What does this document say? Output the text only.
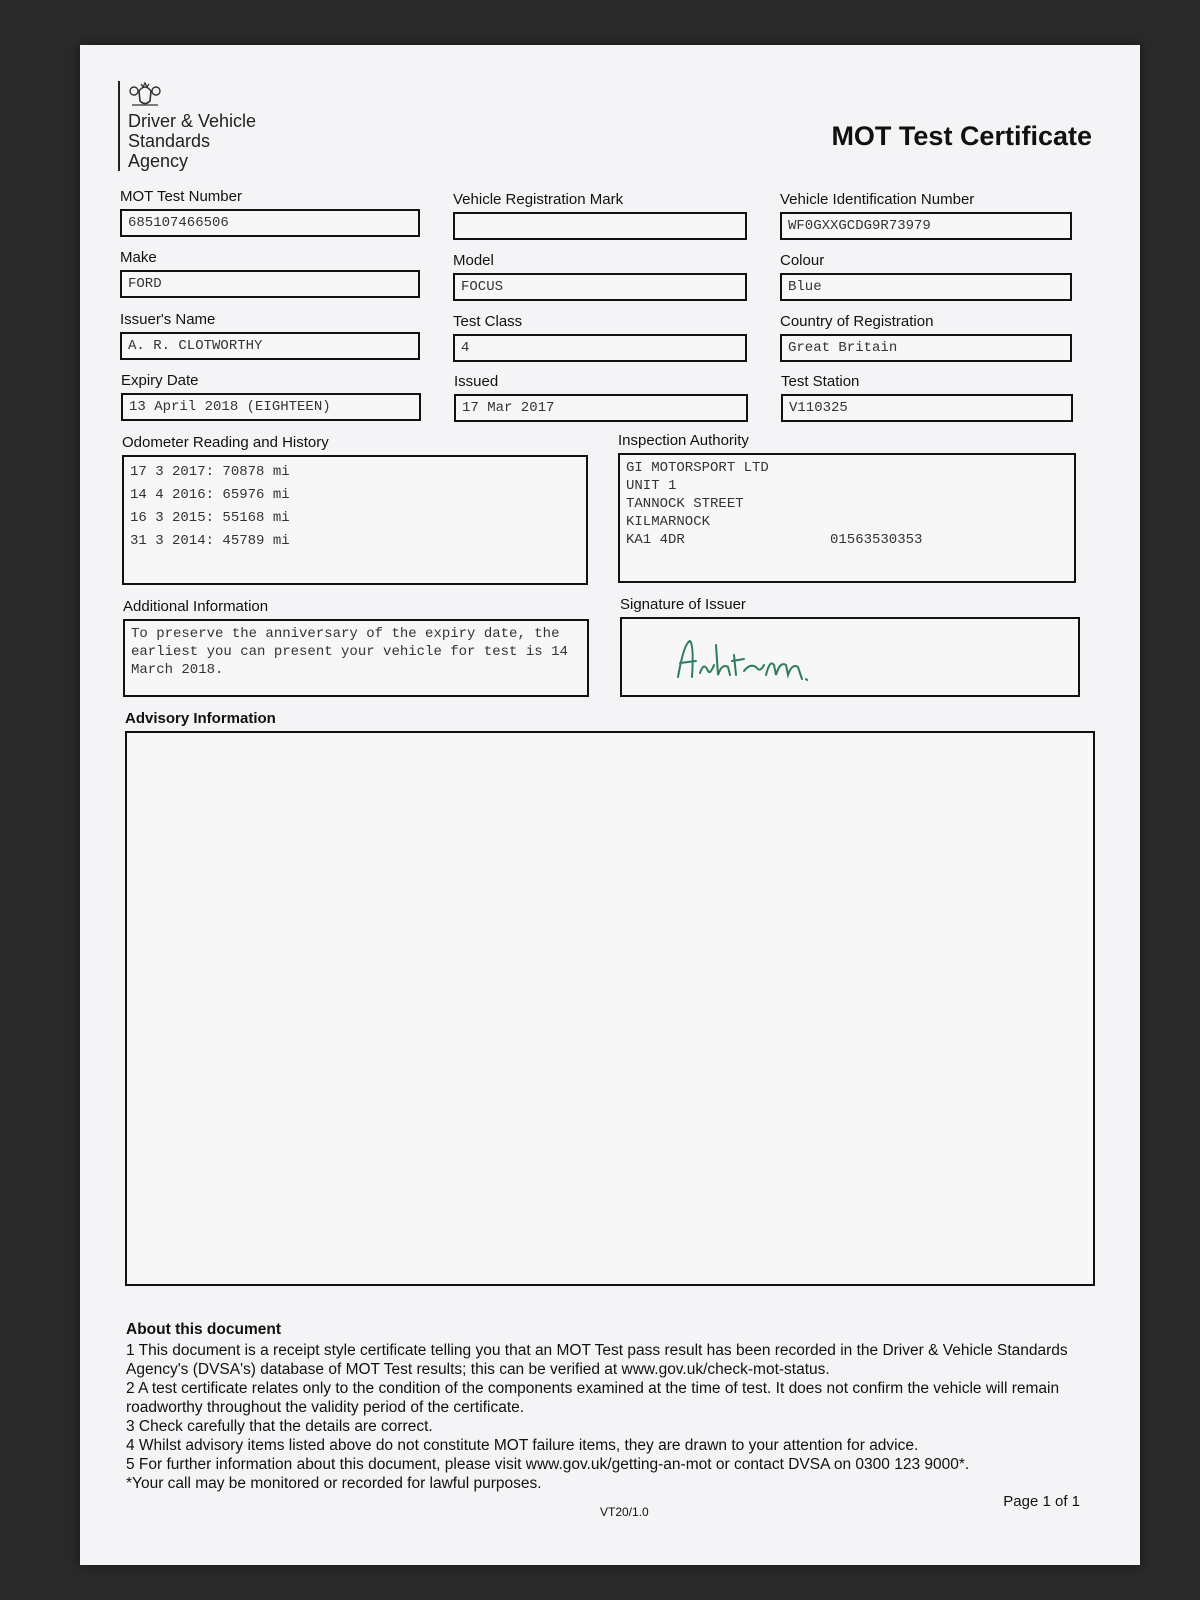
Driver & Vehicle
Standards
Agency
MOT Test Certificate
MOT Test Number
685107466506
Vehicle Registration Mark	Vehicle Identification Number
WF0GXXGCDG9R73979
Make
FORD
Model
FOCUS
Colour
Blue
Issuer's Name
A. R. CLOTWORTHY
Test Class
4
Country of Registration
Great Britain
Expiry Date
13 April 2018 (EIGHTEEN)
Issued
17 Mar 2017
Test Station
V110325
Odometer Reading and History
17 3 2017: 70878 mi
14 4 2016: 65976 mi
16 3 2015: 55168 mi
31 3 2014: 45789 mi
Inspection Authority
GI MOTORSPORT LTD
UNIT 1
TANNOCK STREET
KILMARNOCK
KA1 4DR	01563530353
Additional Information
To preserve the anniversary of the expiry date, the earliest you can present your vehicle for test is 14 March 2018.
Signature of Issuer
Advisory Information
About this document

1 This document is a receipt style certificate telling you that an MOT Test pass result has been recorded in the Driver & Vehicle Standards Agency's (DVSA's) database of MOT Test results; this can be verified at www.gov.uk/check-mot-status.

2 A test certificate relates only to the condition of the components examined at the time of test. It does not confirm the vehicle will remain roadworthy throughout the validity period of the certificate.

3 Check carefully that the details are correct.

4 Whilst advisory items listed above do not constitute MOT failure items, they are drawn to your attention for advice.

5 For further information about this document, please visit www.gov.uk/getting-an-mot or contact DVSA on 0300 123 9000*.

*Your call may be monitored or recorded for lawful purposes.

VT20/1.0
Page 1 of 1
